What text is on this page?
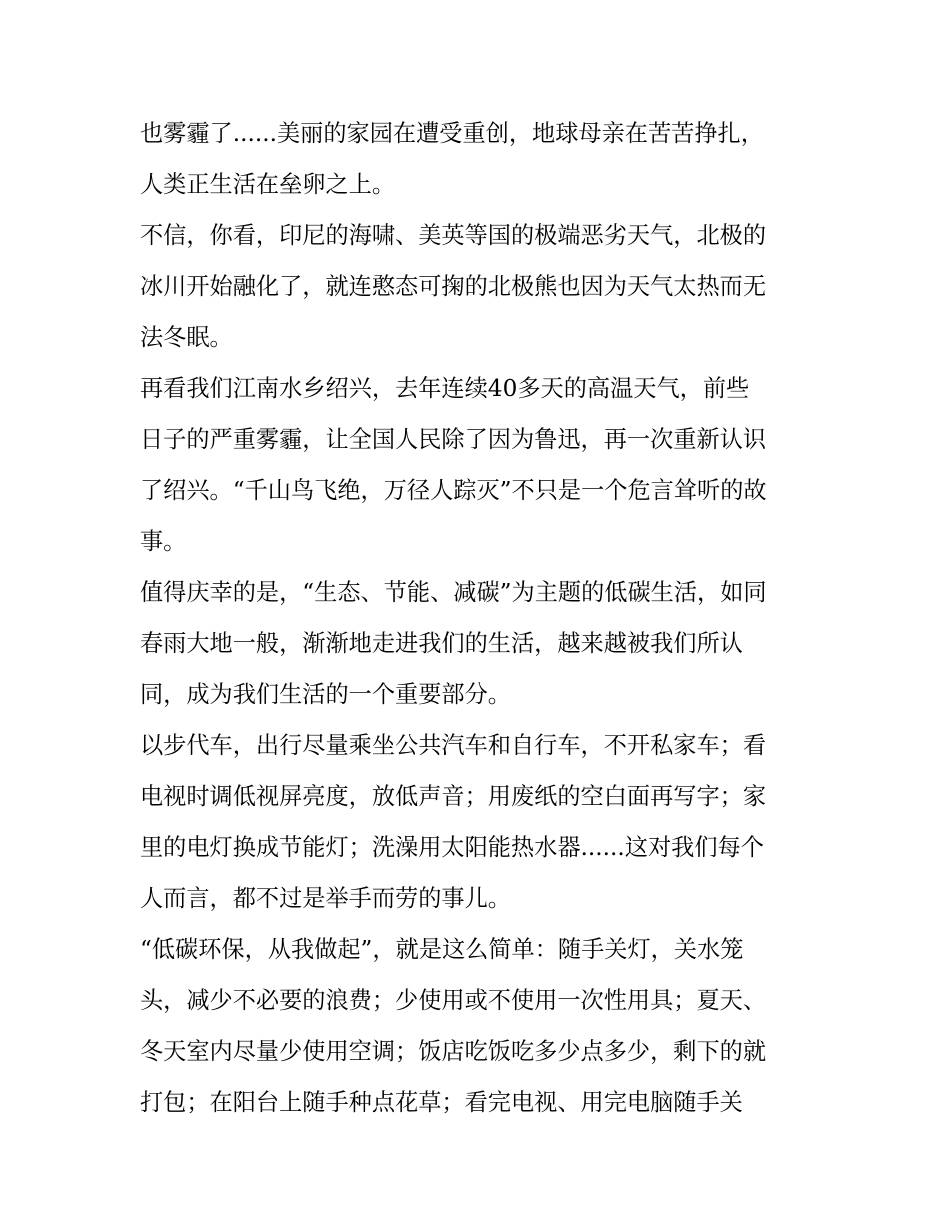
也雾霾了......美丽的家园在遭受重创，地球母亲在苦苦挣扎，
人类正生活在垒卵之上。
不信，你看，印尼的海啸、美英等国的极端恶劣天气，北极的
冰川开始融化了，就连憨态可掬的北极熊也因为天气太热而无
法冬眠。
再看我们江南水乡绍兴，去年连续40多天的高温天气，前些
日子的严重雾霾，让全国人民除了因为鲁迅，再一次重新认识
了绍兴。“千山鸟飞绝，万径人踪灭”不只是一个危言耸听的故
事。
值得庆幸的是，“生态、节能、减碳”为主题的低碳生活，如同
春雨大地一般，渐渐地走进我们的生活，越来越被我们所认
同，成为我们生活的一个重要部分。
以步代车，出行尽量乘坐公共汽车和自行车，不开私家车；看
电视时调低视屏亮度，放低声音；用废纸的空白面再写字；家
里的电灯换成节能灯；洗澡用太阳能热水器......这对我们每个
人而言，都不过是举手而劳的事儿。
“低碳环保，从我做起”，就是这么简单：随手关灯，关水笼
头，减少不必要的浪费；少使用或不使用一次性用具；夏天、
冬天室内尽量少使用空调；饭店吃饭吃多少点多少，剩下的就
打包；在阳台上随手种点花草；看完电视、用完电脑随手关
